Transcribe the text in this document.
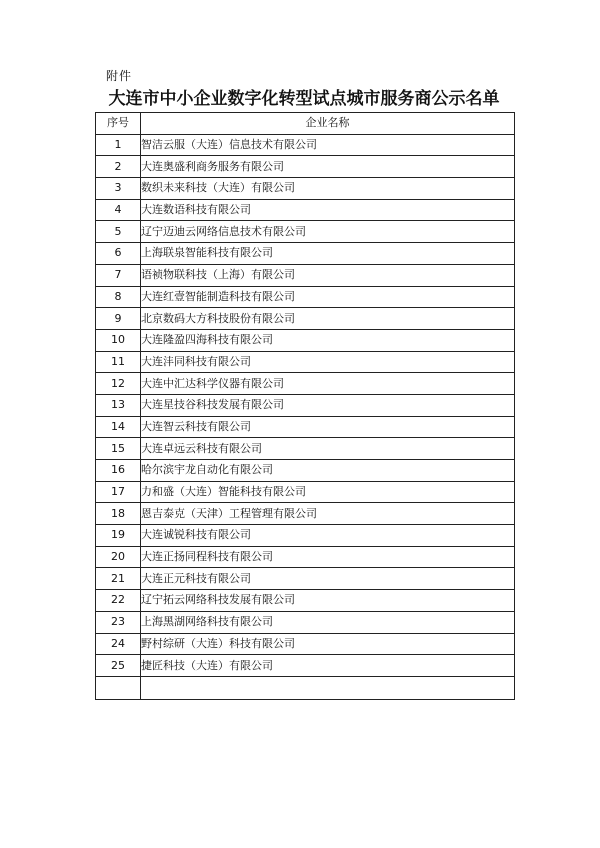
附件
大连市中小企业数字化转型试点城市服务商公示名单
序号	企业名称
1	智洁云服（大连）信息技术有限公司
2	大连奥盛利商务服务有限公司
3	数织未来科技（大连）有限公司
4	大连数语科技有限公司
5	辽宁迈迪云网络信息技术有限公司
6	上海联泉智能科技有限公司
7	语祯物联科技（上海）有限公司
8	大连红壹智能制造科技有限公司
9	北京数码大方科技股份有限公司
10	大连隆盈四海科技有限公司
11	大连沣同科技有限公司
12	大连中汇达科学仪器有限公司
13	大连星技谷科技发展有限公司
14	大连智云科技有限公司
15	大连卓远云科技有限公司
16	哈尔滨宇龙自动化有限公司
17	力和盛（大连）智能科技有限公司
18	恩吉泰克（天津）工程管理有限公司
19	大连诚锐科技有限公司
20	大连正扬同程科技有限公司
21	大连正元科技有限公司
22	辽宁拓云网络科技发展有限公司
23	上海黑湖网络科技有限公司
24	野村综研（大连）科技有限公司
25	捷匠科技（大连）有限公司
